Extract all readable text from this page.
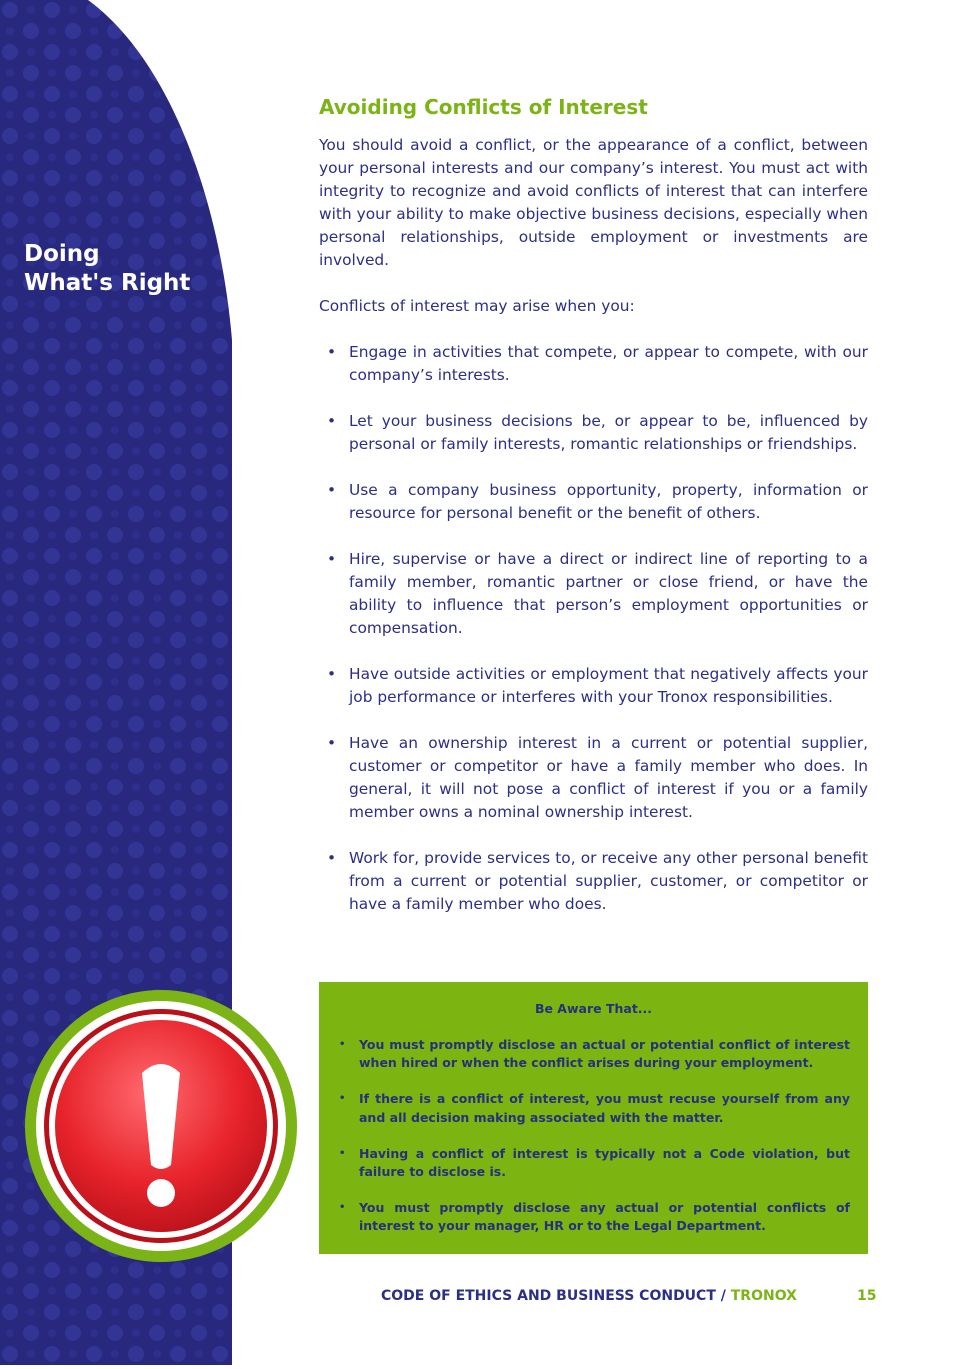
Doing
What's Right
Avoiding Conflicts of Interest

You should avoid a conflict, or the appearance of a conflict, between your personal interests and our company’s interest. You must act with integrity to recognize and avoid conflicts of interest that can interfere with your ability to make objective business decisions, especially when personal relationships, outside employment or investments are involved.

Conflicts of interest may arise when you:

• Engage in activities that compete, or appear to compete, with our company’s interests.
• Let your business decisions be, or appear to be, influenced by personal or family interests, romantic relationships or friendships.
• Use a company business opportunity, property, information or resource for personal benefit or the benefit of others.
• Hire, supervise or have a direct or indirect line of reporting to a family member, romantic partner or close friend, or have the ability to influence that person’s employment opportunities or compensation.
• Have outside activities or employment that negatively affects your job performance or interferes with your Tronox responsibilities.
• Have an ownership interest in a current or potential supplier, customer or competitor or have a family member who does. In general, it will not pose a conflict of interest if you or a family member owns a nominal ownership interest.
• Work for, provide services to, or receive any other personal benefit from a current or potential supplier, customer, or competitor or have a family member who does.
Be Aware That...
• You must promptly disclose an actual or potential conflict of interest when hired or when the conflict arises during your employment.
• If there is a conflict of interest, you must recuse yourself from any and all decision making associated with the matter.
• Having a conflict of interest is typically not a Code violation, but failure to disclose is.
• You must promptly disclose any actual or potential conflicts of interest to your manager, HR or to the Legal Department.
CODE OF ETHICS AND BUSINESS CONDUCT / TRONOX	15
